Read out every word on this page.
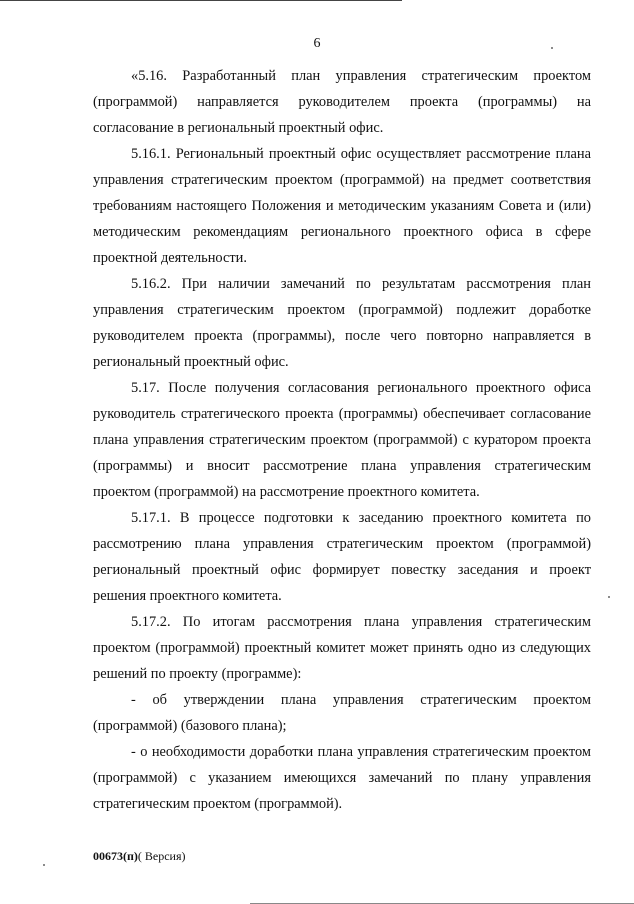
6

«5.16. Разработанный план управления стратегическим проектом (программой) направляется руководителем проекта (программы) на согласование в региональный проектный офис.

5.16.1. Региональный проектный офис осуществляет рассмотрение плана управления стратегическим проектом (программой) на предмет соответствия требованиям настоящего Положения и методическим указаниям Совета и (или) методическим рекомендациям регионального проектного офиса в сфере проектной деятельности.

5.16.2. При наличии замечаний по результатам рассмотрения план управления стратегическим проектом (программой) подлежит доработке руководителем проекта (программы), после чего повторно направляется в региональный проектный офис.

5.17. После получения согласования регионального проектного офиса руководитель стратегического проекта (программы) обеспечивает согласование плана управления стратегическим проектом (программой) с куратором проекта (программы) и вносит рассмотрение плана управления стратегическим проектом (программой) на рассмотрение проектного комитета.

5.17.1. В процессе подготовки к заседанию проектного комитета по рассмотрению плана управления стратегическим проектом (программой) региональный проектный офис формирует повестку заседания и проект решения проектного комитета.

5.17.2. По итогам рассмотрения плана управления стратегическим проектом (программой) проектный комитет может принять одно из следующих решений по проекту (программе):

- об утверждении плана управления стратегическим проектом (программой) (базового плана);

- о необходимости доработки плана управления стратегическим проектом (программой) с указанием имеющихся замечаний по плану управления стратегическим проектом (программой).

00673(п)( Версия)
